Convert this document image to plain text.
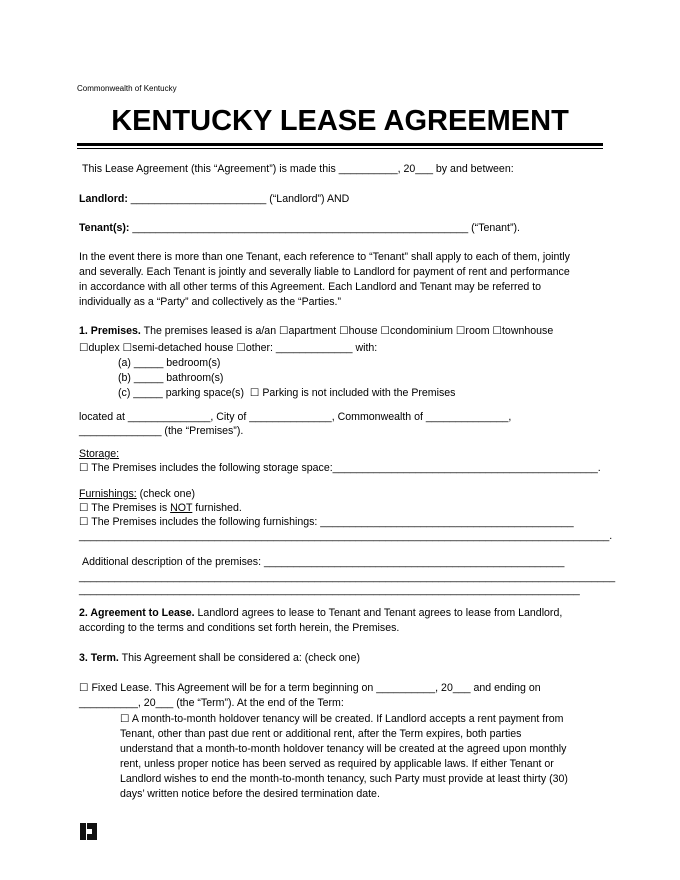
Commonwealth of Kentucky
KENTUCKY LEASE AGREEMENT
This Lease Agreement (this “Agreement”) is made this __________, 20___ by and between:
Landlord: _______________________ (“Landlord”) AND
Tenant(s): _________________________________________________________ (“Tenant”).
In the event there is more than one Tenant, each reference to “Tenant” shall apply to each of them, jointly
and severally. Each Tenant is jointly and severally liable to Landlord for payment of rent and performance
in accordance with all other terms of this Agreement. Each Landlord and Tenant may be referred to
individually as a “Party” and collectively as the “Parties.”
1. Premises. The premises leased is a/an ☐apartment ☐house ☐condominium ☐room ☐townhouse
☐duplex ☐semi-detached house ☐other: _____________ with:
(a) _____ bedroom(s)
(b) _____ bathroom(s)
(c) _____ parking space(s)  ☐ Parking is not included with the Premises
located at ______________, City of ______________, Commonwealth of ______________,
______________ (the “Premises”).
Storage:
☐ The Premises includes the following storage space:_____________________________________________.
Furnishings: (check one)
☐ The Premises is NOT furnished.
☐ The Premises includes the following furnishings: ___________________________________________
__________________________________________________________________________________________.
Additional description of the premises: ___________________________________________________
___________________________________________________________________________________________
_____________________________________________________________________________________
2. Agreement to Lease. Landlord agrees to lease to Tenant and Tenant agrees to lease from Landlord,
according to the terms and conditions set forth herein, the Premises.
3. Term. This Agreement shall be considered a: (check one)
☐ Fixed Lease. This Agreement will be for a term beginning on __________, 20___ and ending on
__________, 20___ (the “Term”). At the end of the Term:
☐ A month-to-month holdover tenancy will be created. If Landlord accepts a rent payment from
Tenant, other than past due rent or additional rent, after the Term expires, both parties
understand that a month-to-month holdover tenancy will be created at the agreed upon monthly
rent, unless proper notice has been served as required by applicable laws. If either Tenant or
Landlord wishes to end the month-to-month tenancy, such Party must provide at least thirty (30)
days’ written notice before the desired termination date.
